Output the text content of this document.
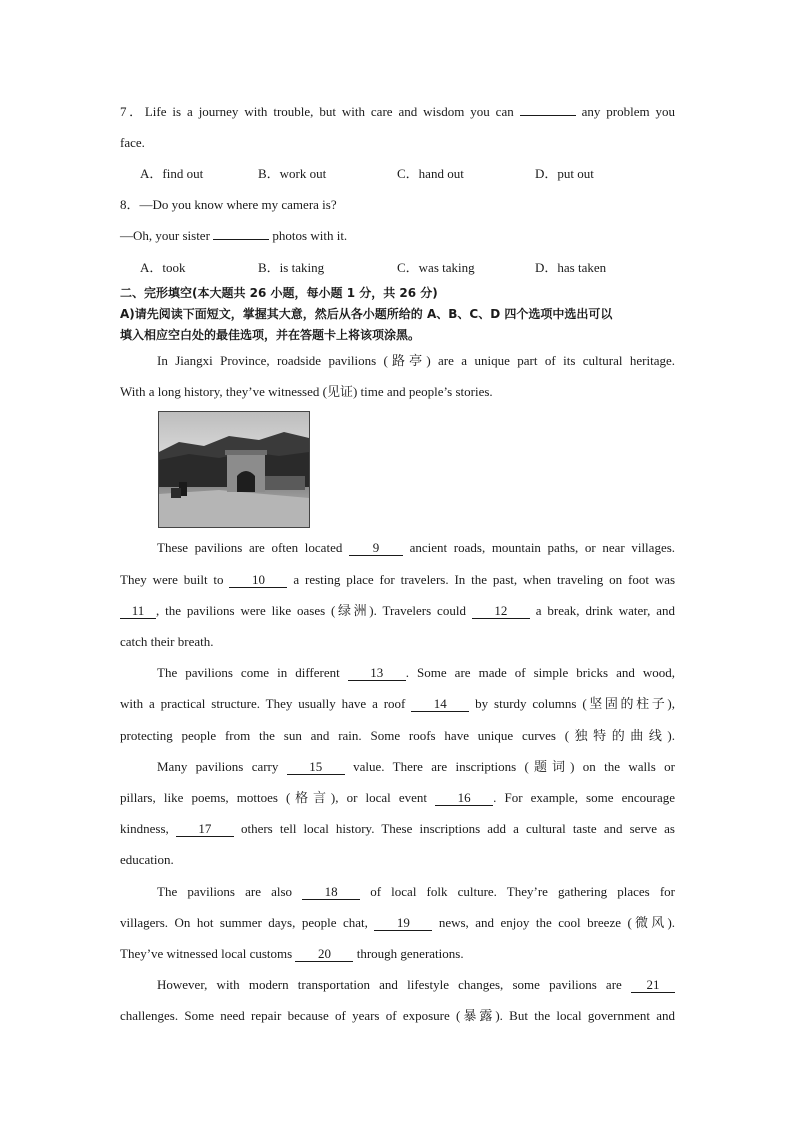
7．Life is a journey with trouble, but with care and wisdom you can	any problem you
face.
A．find out	B．work out	C．hand out	D．put out
8．—Do you know where my camera is?
—Oh, your sister	photos with it.
A．took	B．is taking	C．was taking	D．has taken
二、完形填空(本大题共 26 小题，每小题 1 分，共 26 分)
A)请先阅读下面短文，掌握其大意，然后从各小题所给的 A、B、C、D 四个选项中选出可以
填入相应空白处的最佳选项，并在答题卡上将该项涂黑。
In Jiangxi Province, roadside pavilions (路亭) are a unique part of its cultural heritage.
With a long history, they’ve witnessed (见证) time and people’s stories.
These pavilions are often located 9 ancient roads, mountain paths, or near villages.
They were built to 10 a resting place for travelers. In the past, when traveling on foot was
11 , the pavilions were like oases (绿洲). Travelers could 12 a break, drink water, and
catch their breath.
The pavilions come in different 13 . Some are made of simple bricks and wood,
with a practical structure. They usually have a roof 14 by sturdy columns (坚固的柱子),
protecting people from the sun and rain. Some roofs have unique curves (独特的曲线).
Many pavilions carry 15 value. There are inscriptions (题词) on the walls or
pillars, like poems, mottoes (格言), or local event 16 . For example, some encourage
kindness, 17 others tell local history. These inscriptions add a cultural taste and serve as
education.
The pavilions are also	18	of local folk culture. They’re gathering places for
villagers. On hot summer days, people chat, 19 news, and enjoy the cool breeze (微风).
They’ve witnessed local customs 20 through generations.
However, with modern transportation and lifestyle changes, some pavilions are 21
challenges. Some need repair because of years of exposure (暴露). But the local government and
